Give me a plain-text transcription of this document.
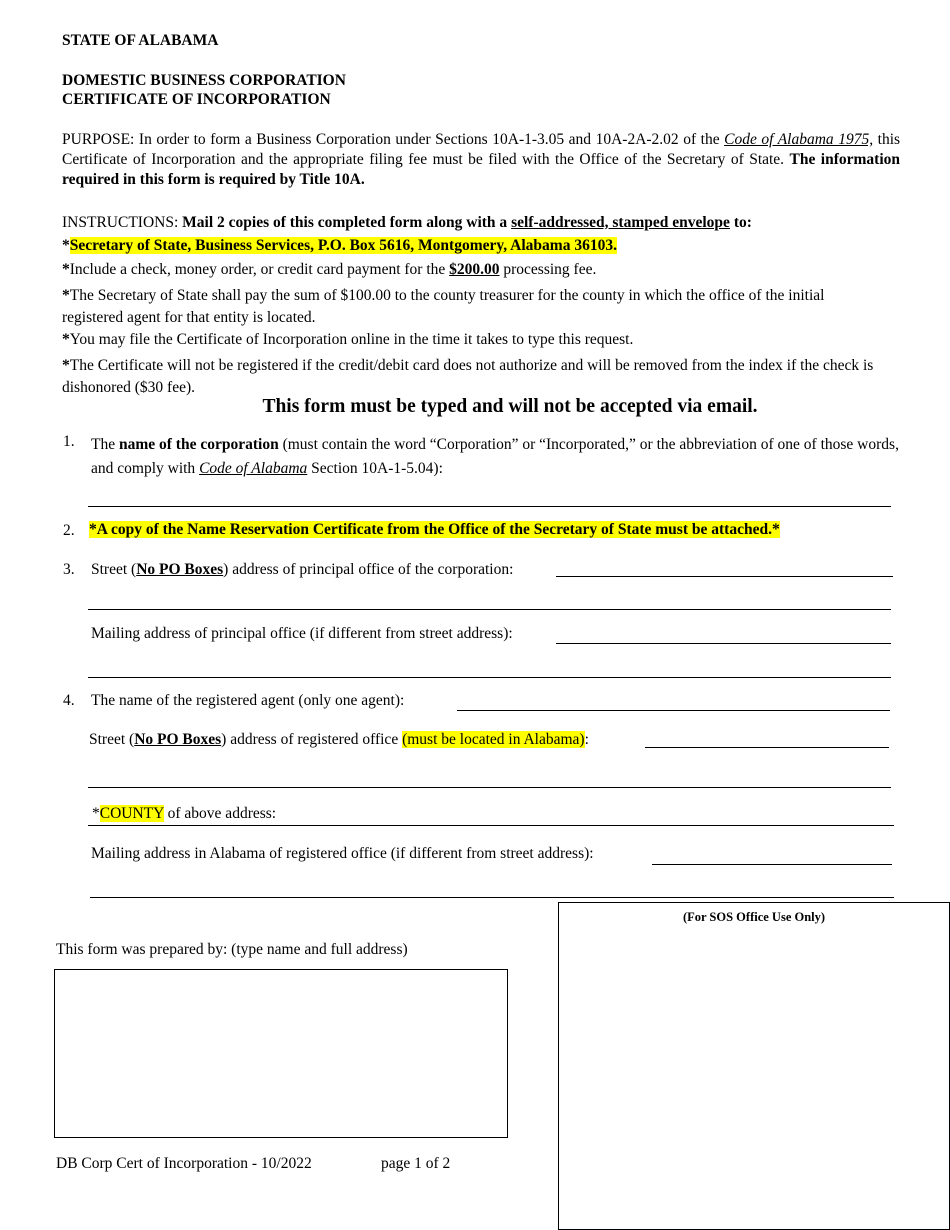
STATE OF ALABAMA
DOMESTIC BUSINESS CORPORATION
CERTIFICATE OF INCORPORATION
PURPOSE: In order to form a Business Corporation under Sections 10A-1-3.05 and 10A-2A-2.02 of the Code of Alabama 1975, this Certificate of Incorporation and the appropriate filing fee must be filed with the Office of the Secretary of State. The information required in this form is required by Title 10A.
INSTRUCTIONS: Mail 2 copies of this completed form along with a self-addressed, stamped envelope to:
*Secretary of State, Business Services, P.O. Box 5616, Montgomery, Alabama 36103.
*Include a check, money order, or credit card payment for the $200.00 processing fee.
*The Secretary of State shall pay the sum of $100.00 to the county treasurer for the county in which the office of the initial registered agent for that entity is located.
*You may file the Certificate of Incorporation online in the time it takes to type this request.
*The Certificate will not be registered if the credit/debit card does not authorize and will be removed from the index if the check is dishonored ($30 fee).
This form must be typed and will not be accepted via email.
1. The name of the corporation (must contain the word “Corporation” or “Incorporated,” or the abbreviation of one of those words, and comply with Code of Alabama Section 10A-1-5.04):
2. *A copy of the Name Reservation Certificate from the Office of the Secretary of State must be attached.*
3. Street (No PO Boxes) address of principal office of the corporation:
Mailing address of principal office (if different from street address):
4. The name of the registered agent (only one agent):
Street (No PO Boxes) address of registered office (must be located in Alabama):
*COUNTY of above address:
Mailing address in Alabama of registered office (if different from street address):
This form was prepared by: (type name and full address)
(For SOS Office Use Only)
DB Corp Cert of Incorporation - 10/2022	page 1 of 2
